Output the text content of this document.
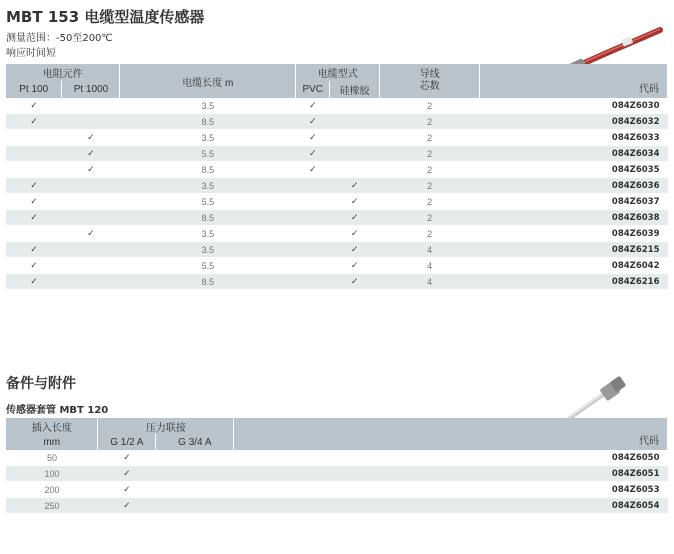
MBT 153 电缆型温度传感器
测量范围：-50至200℃
响应时间短
电阻元件		电缆长度 m	电缆型式		导线
芯数	代码
Pt 100	Pt 1000		PVC	硅橡胶		
✓		3.5	✓		2	084Z6030
✓		8.5	✓		2	084Z6032
	✓	3.5	✓		2	084Z6033
	✓	5.5	✓		2	084Z6034
	✓	8.5	✓		2	084Z6035
✓		3.5		✓	2	084Z6036
✓		5.5		✓	2	084Z6037
✓		8.5		✓	2	084Z6038
	✓	3.5		✓	2	084Z6039
✓		3.5		✓	4	084Z6215
✓		5.5		✓	4	084Z6042
✓		8.5		✓	4	084Z6216
备件与附件
传感器套管 MBT 120
插入长度	压力联接		代码
mm	G 1/2 A	G 3/4 A	
50	✓		084Z6050
100	✓		084Z6051
200	✓		084Z6053
250	✓		084Z6054
